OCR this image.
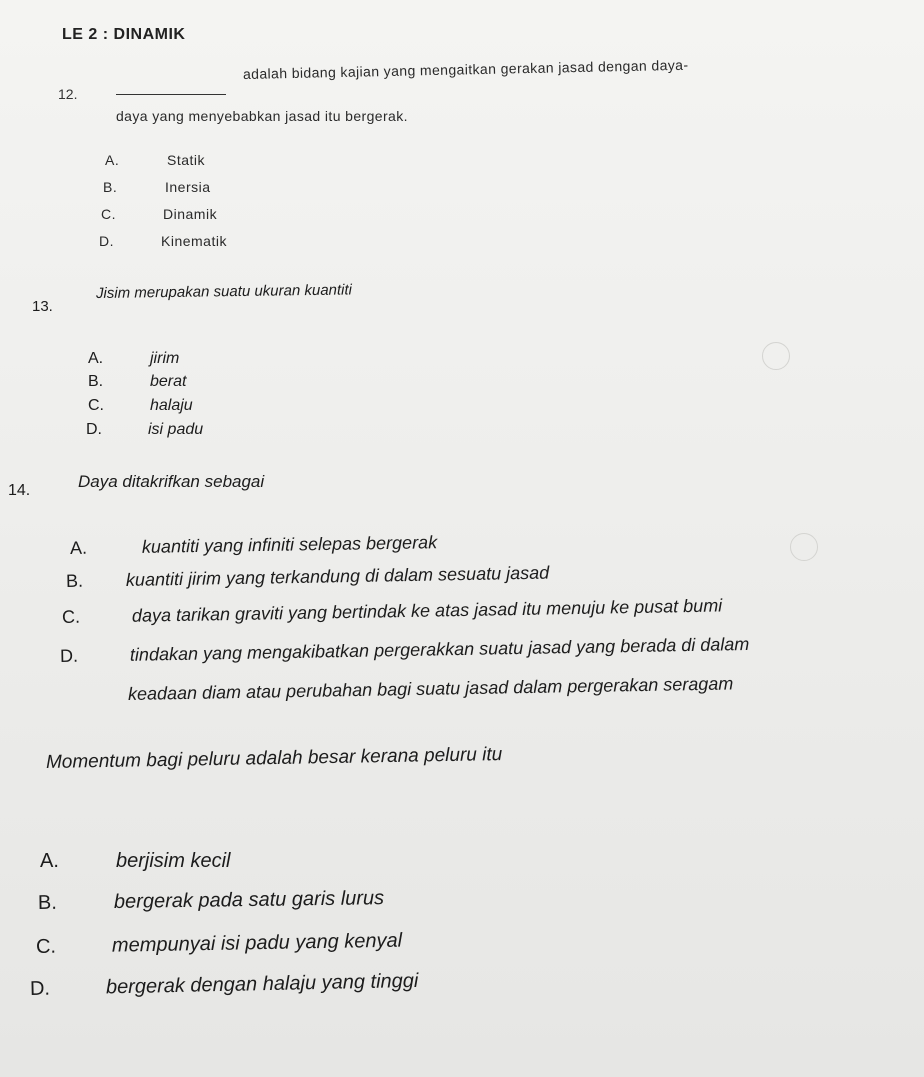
LE 2 : DINAMIK
12.
adalah bidang kajian yang mengaitkan gerakan jasad dengan daya-
daya yang menyebabkan jasad itu bergerak.
A.	Statik
B.	Inersia
C.	Dinamik
D.	Kinematik
13.
Jisim merupakan suatu ukuran kuantiti
A.	jirim
B.	berat
C.	halaju
D.	isi padu
14.	Daya ditakrifkan sebagai
A.	kuantiti yang infiniti selepas bergerak
B. kuantiti jirim yang terkandung di dalam sesuatu jasad
C.	daya tarikan graviti yang bertindak ke atas jasad itu menuju ke pusat bumi
D.	tindakan yang mengakibatkan pergerakkan suatu jasad yang berada di dalam
keadaan diam atau perubahan bagi suatu jasad dalam pergerakan seragam
Momentum bagi peluru adalah besar kerana peluru itu
A.	berjisim kecil
B.	bergerak pada satu garis lurus
C.	mempunyai isi padu yang kenyal
D.	bergerak dengan halaju yang tinggi
